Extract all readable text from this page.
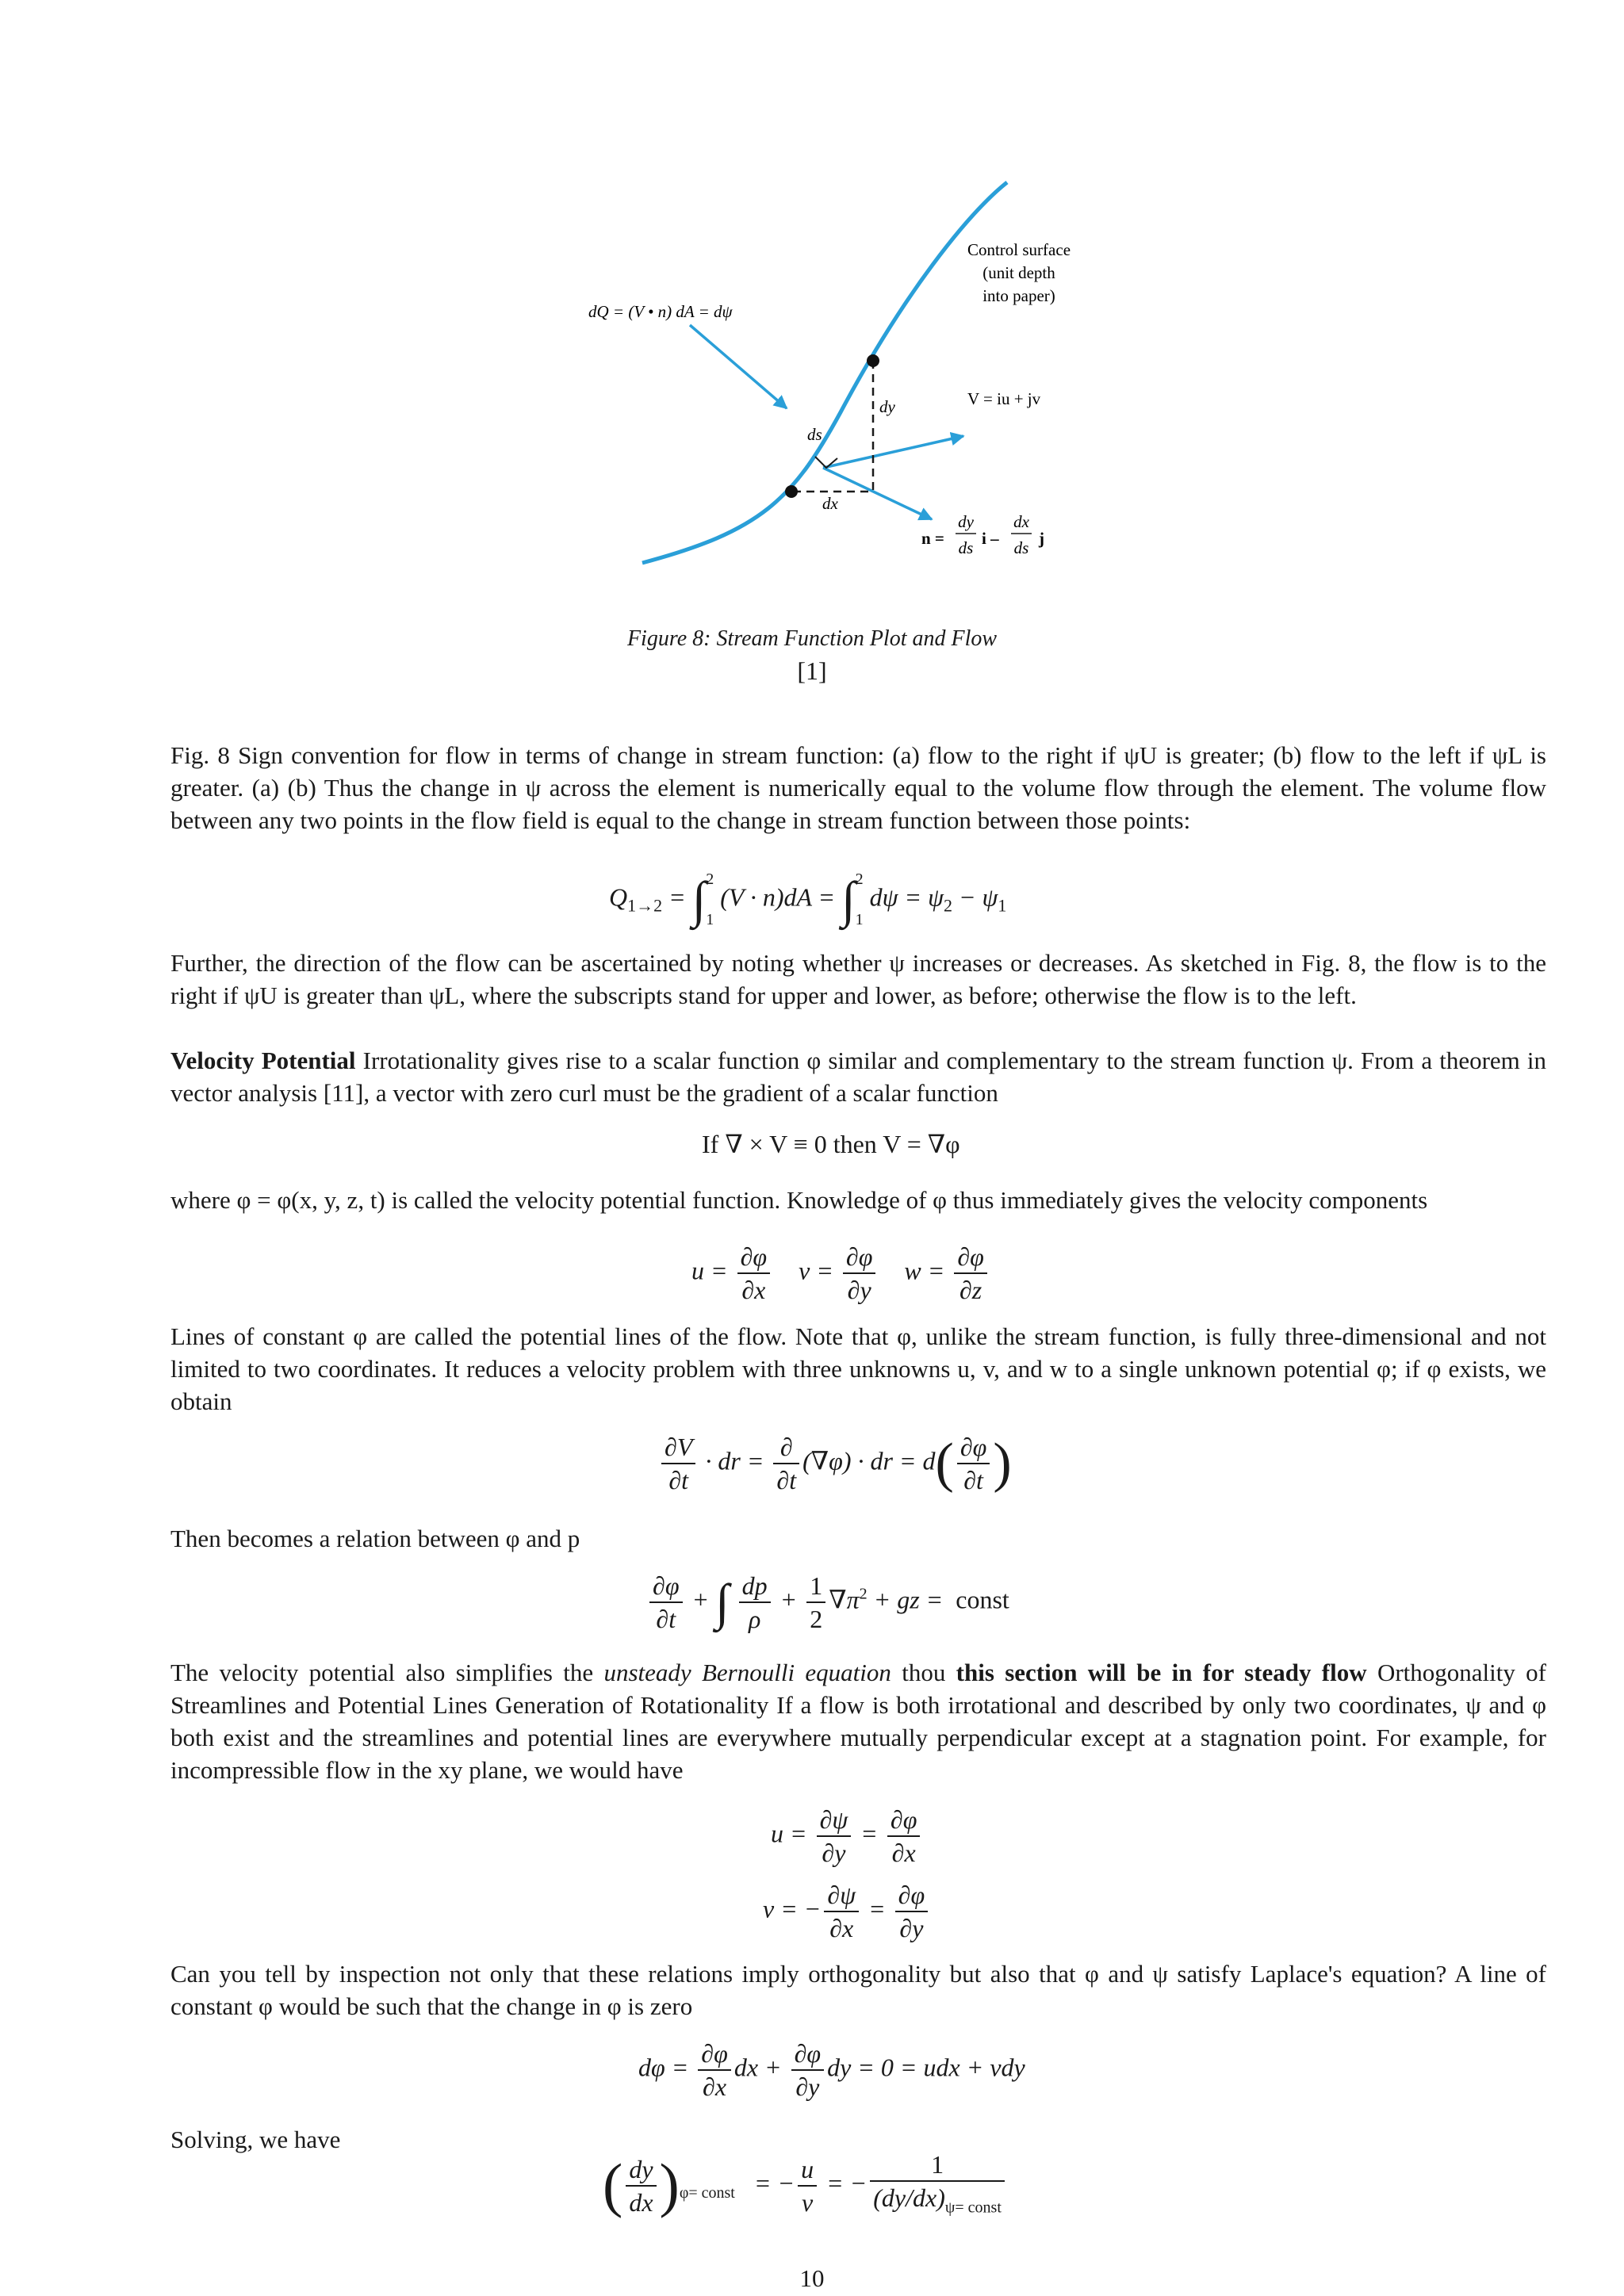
Control surface
(unit depth
into paper)
dQ = (V • n) dA = dψ
V = iu + jv
dy
ds
dx
n =
dy
ds i –
dx
ds j
Figure 8: Stream Function Plot and Flow
[1]
Fig. 8 Sign convention for flow in terms of change in stream function: (a) flow to the right if ψU is greater; (b) flow to the left if ψL is greater. (a) (b) Thus the change in ψ across the element is numerically equal to the volume flow through the element. The volume flow between any two points in the flow field is equal to the change in stream function between those points:
$Q_{1\to 2} = \int^21$ (V · n)dA = ∫$^2$1 $d\psi = \psi_2 - \psi_1$
Further, the direction of the flow can be ascertained by noting whether ψ increases or decreases. As sketched in Fig. 8, the flow is to the right if ψU is greater than ψL, where the subscripts stand for upper and lower, as before; otherwise the flow is to the left.
Velocity Potential Irrotationality gives rise to a scalar function φ similar and complementary to the stream function ψ. From a theorem in vector analysis [11], a vector with zero curl must be the gradient of a scalar function
If ∇ × V ≡ 0 then V = ∇φ
where φ = φ(x, y, z, t) is called the velocity potential function. Knowledge of φ thus immediately gives the velocity components
$u = \frac{\partial\varphi}{\partial x}$ $v = \frac{\partial\varphi}{\partial y}$ $w = \frac{\partial\varphi}{\partial z}$
Lines of constant φ are called the potential lines of the flow. Note that φ, unlike the stream function, is fully three-dimensional and not limited to two coordinates. It reduces a velocity problem with three unknowns u, v, and w to a single unknown potential φ; if φ exists, we obtain
$\frac{\partial V}{\partial t}$ · dr = $\frac{\partial}{\partial t} (\nabla\varphi)$ · dr = $d( \frac{\partial\varphi}{\partial t}$ )
Then becomes a relation between φ and p
$\frac{\partial\varphi}{\partial t}$ + ∫ $\frac{dp}{\rho} + \frac{1}{2} \nabla\pi^2$ + gz =  const
The velocity potential also simplifies the unsteady Bernoulli equation thou this section will be in for steady flow Orthogonality of Streamlines and Potential Lines Generation of Rotationality If a flow is both irrotational and described by only two coordinates, ψ and φ both exist and the streamlines and potential lines are everywhere mutually perpendicular except at a stagnation point. For example, for incompressible flow in the xy plane, we would have
$u = \frac{\partial\psi}{\partial y} = \frac{\partial\varphi}{\partial x}$
v = − $\frac{\partial\psi}{\partial x} = \frac{\partial\varphi}{\partial y}$
Can you tell by inspection not only that these relations imply orthogonality but also that φ and ψ satisfy Laplace's equation? A line of constant φ would be such that the change in φ is zero
$d\varphi = \frac{\partial\varphi}{\partial x}$ dx + $\frac{\partial\varphi}{\partial y}$ dy = 0 = udx + vdy
Solving, we have
( $\frac{dy}{dx} )_{\varphi= const}$   = − $\frac{u}{v}$ = − $\frac{1}{(dy/dx)_{\psi= const}}$
10
